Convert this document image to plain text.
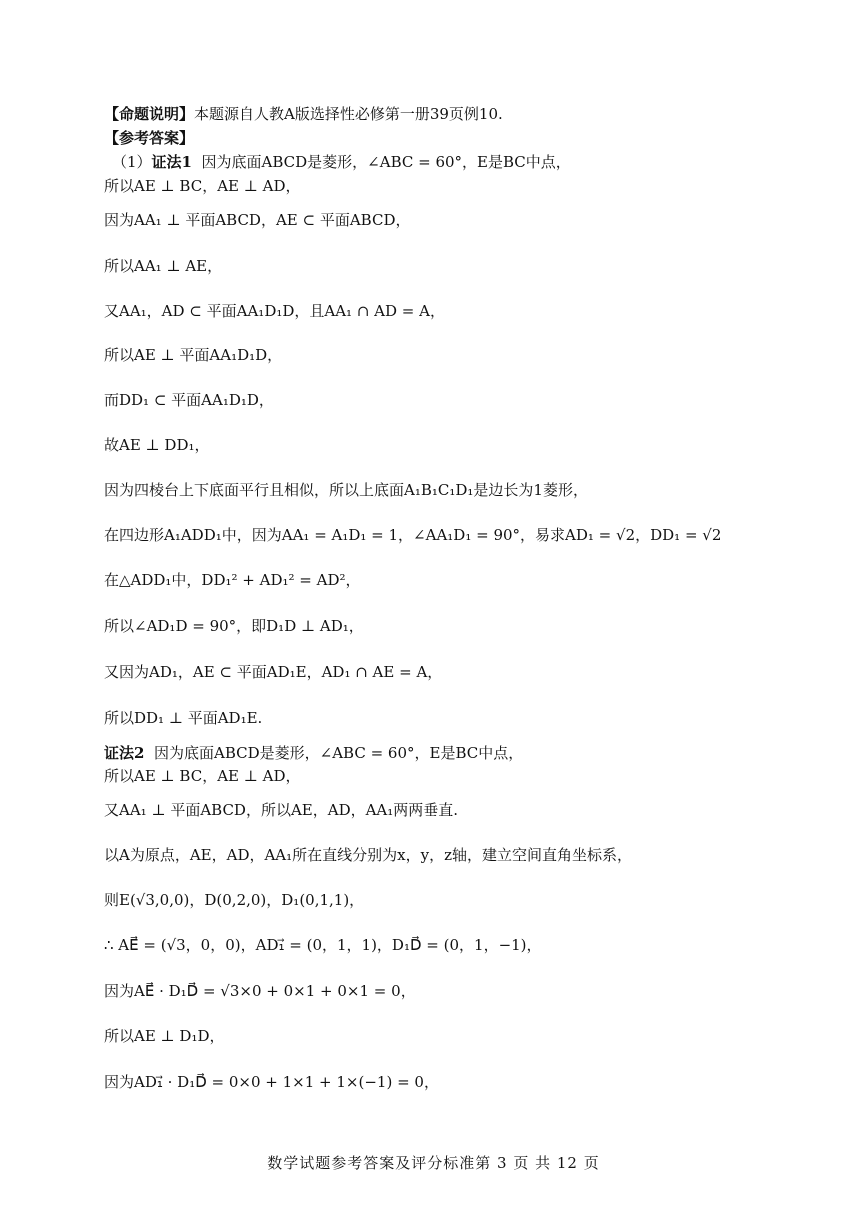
【命题说明】本题源自人教A版选择性必修第一册39页例10.
【参考答案】
（1）证法1 因为底面ABCD是菱形，∠ABC = 60°，E是BC中点，
所以AE ⊥ BC，AE ⊥ AD，
因为AA₁ ⊥ 平面ABCD，AE ⊂ 平面ABCD，
所以AA₁ ⊥ AE，
又AA₁，AD ⊂ 平面AA₁D₁D，且AA₁ ∩ AD = A，
所以AE ⊥ 平面AA₁D₁D，
而DD₁ ⊂ 平面AA₁D₁D，
故AE ⊥ DD₁，
因为四棱台上下底面平行且相似，所以上底面A₁B₁C₁D₁是边长为1菱形，
在四边形A₁ADD₁中，因为AA₁ = A₁D₁ = 1，∠AA₁D₁ = 90°，易求AD₁ = √2，DD₁ = √2
在△ADD₁中，DD₁² + AD₁² = AD²，
所以∠AD₁D = 90°，即D₁D ⊥ AD₁，
又因为AD₁，AE ⊂ 平面AD₁E，AD₁ ∩ AE = A，
所以DD₁ ⊥ 平面AD₁E.
证法2 因为底面ABCD是菱形，∠ABC = 60°，E是BC中点，
所以AE ⊥ BC，AE ⊥ AD，
又AA₁ ⊥ 平面ABCD，所以AE，AD，AA₁两两垂直.
以A为原点，AE，AD，AA₁所在直线分别为x，y，z轴，建立空间直角坐标系，
则E(√3,0,0)，D(0,2,0)，D₁(0,1,1)，
∴ AE⃗ = (√3，0，0)，AD₁⃗ = (0，1，1)，D₁D⃗ = (0，1，−1)，
因为AE⃗ · D₁D⃗ = √3×0 + 0×1 + 0×1 = 0，
所以AE ⊥ D₁D，
因为AD₁⃗ · D₁D⃗ = 0×0 + 1×1 + 1×(−1) = 0，
数学试题参考答案及评分标准第 3 页 共 12 页
